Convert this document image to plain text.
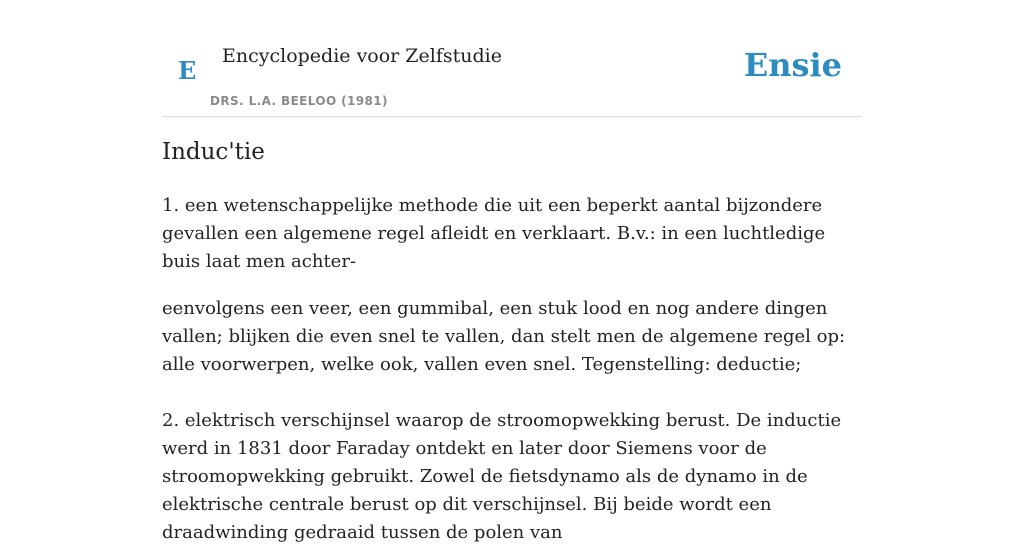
E Encyclopedie voor Zelfstudie
DRS. L.A. BEELOO (1981)
Ensie
Induc'tie

1. een wetenschappelijke methode die uit een beperkt aantal bijzondere gevallen een algemene regel afleidt en verklaart. B.v.: in een luchtledige buis laat men achter-

eenvolgens een veer, een gummibal, een stuk lood en nog andere dingen vallen; blijken die even snel te vallen, dan stelt men de algemene regel op: alle voorwerpen, welke ook, vallen even snel. Tegenstelling: deductie;

2. elektrisch verschijnsel waarop de stroomopwekking berust. De inductie werd in 1831 door Faraday ontdekt en later door Siemens voor de stroomopwekking gebruikt. Zowel de fietsdynamo als de dynamo in de elektrische centrale berust op dit verschijnsel. Bij beide wordt een draadwinding gedraaid tussen de polen van
